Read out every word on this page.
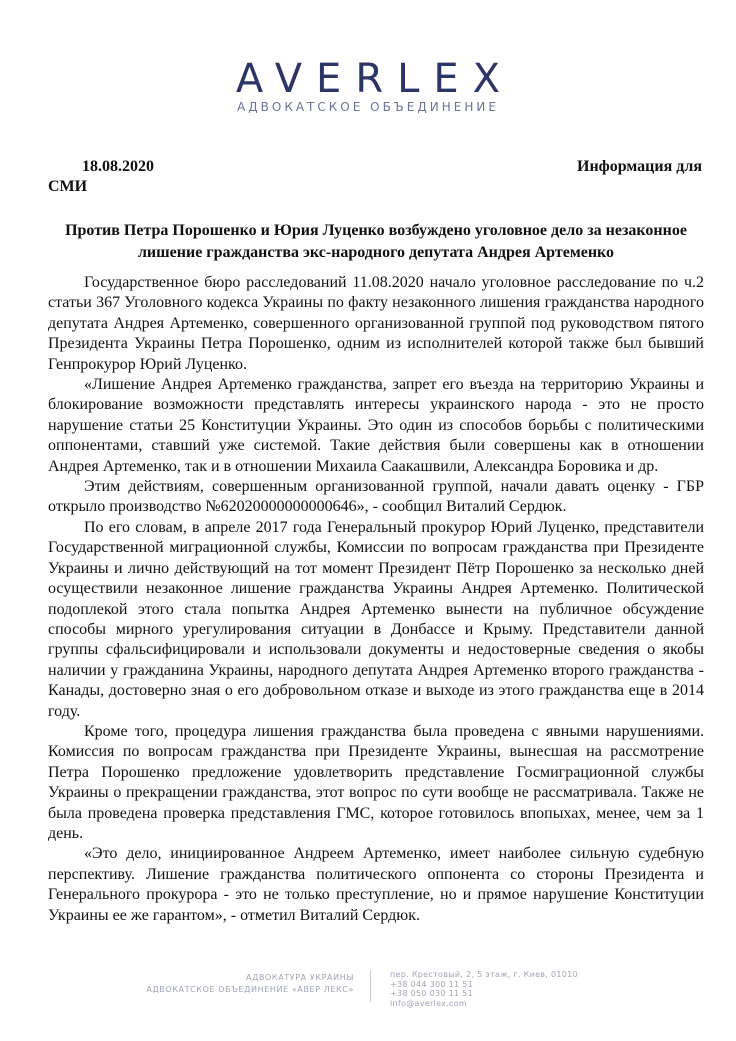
AVERLEX
АДВОКАТСКОЕ ОБЪЕДИНЕНИЕ
18.08.2020	Информация для
СМИ
Против Петра Порошенко и Юрия Луценко возбуждено уголовное дело за незаконное лишение гражданства экс-народного депутата Андрея Артеменко

Государственное бюро расследований 11.08.2020 начало уголовное расследование по ч.2 статьи 367 Уголовного кодекса Украины по факту незаконного лишения гражданства народного депутата Андрея Артеменко, совершенного организованной группой под руководством пятого Президента Украины Петра Порошенко, одним из исполнителей которой также был бывший Генпрокурор Юрий Луценко.

«Лишение Андрея Артеменко гражданства, запрет его въезда на территорию Украины и блокирование возможности представлять интересы украинского народа - это не просто нарушение статьи 25 Конституции Украины. Это один из способов борьбы с политическими оппонентами, ставший уже системой. Такие действия были совершены как в отношении Андрея Артеменко, так и в отношении Михаила Саакашвили, Александра Боровика и др.

Этим действиям, совершенным организованной группой, начали давать оценку - ГБР открыло производство №62020000000000646», - сообщил Виталий Сердюк.

По его словам, в апреле 2017 года Генеральный прокурор Юрий Луценко, представители Государственной миграционной службы, Комиссии по вопросам гражданства при Президенте Украины и лично действующий на тот момент Президент Пётр Порошенко за несколько дней осуществили незаконное лишение гражданства Украины Андрея Артеменко. Политической подоплекой этого стала попытка Андрея Артеменко вынести на публичное обсуждение способы мирного урегулирования ситуации в Донбассе и Крыму. Представители данной группы сфальсифицировали и использовали документы и недостоверные сведения о якобы наличии у гражданина Украины, народного депутата Андрея Артеменко второго гражданства - Канады, достоверно зная о его добровольном отказе и выходе из этого гражданства еще в 2014 году.

Кроме того, процедура лишения гражданства была проведена с явными нарушениями. Комиссия по вопросам гражданства при Президенте Украины, вынесшая на рассмотрение Петра Порошенко предложение удовлетворить представление Госмиграционной службы Украины о прекращении гражданства, этот вопрос по сути вообще не рассматривала. Также не была проведена проверка представления ГМС, которое готовилось впопыхах, менее, чем за 1 день.

«Это дело, инициированное Андреем Артеменко, имеет наиболее сильную судебную перспективу. Лишение гражданства политического оппонента со стороны Президента и Генерального прокурора - это не только преступление, но и прямое нарушение Конституции Украины ее же гарантом», - отметил Виталий Сердюк.

АДВОКАТУРА УКРАИНЫ
АДВОКАТСКОЕ ОБЪЕДИНЕНИЕ «АВЕР ЛЕКС»
пер. Крестовый, 2, 5 этаж, г. Киев, 01010
+38 044 300 11 51
+38 050 030 11 51
info@averlex.com
